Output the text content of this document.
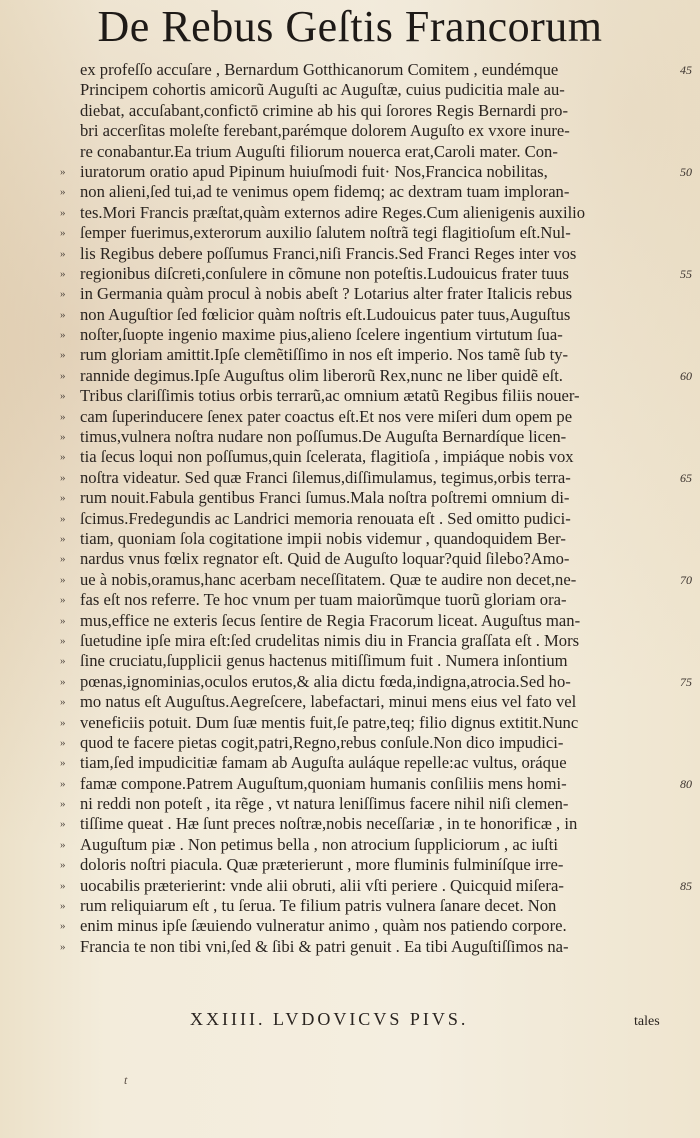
De Rebus Geſtis Francorum
ex profeſſo accuſare , Bernardum Gotthicanorum Comitem , eundémque	45
Principem cohortis amicorũ Auguſti ac Auguſtæ, cuius pudicitia male au-
diebat, accuſabant,confictō crimine ab his qui ſorores Regis Bernardi pro-
bri accerſitas moleſte ferebant,parémque dolorem Auguſto ex vxore inure-
re conabantur.Ea trium Auguſti filiorum nouerca erat,Caroli mater. Con-
» iuratorum oratio apud Pipinum huiuſmodi fuit· Nos,Francica nobilitas,	50
» non alieni,ſed tui,ad te venimus opem fidemq; ac dextram tuam imploran-
» tes.Mori Francis præſtat,quàm externos adire Reges.Cum alienigenis auxilio
» ſemper fuerimus,exterorum auxilio ſalutem noſtrã tegi flagitioſum eſt.Nul-
» lis Regibus debere poſſumus Franci,niſi Francis.Sed Franci Reges inter vos
» regionibus diſcreti,conſulere in cõmune non poteſtis.Ludouicus frater tuus	55
» in Germania quàm procul à nobis abeſt ? Lotarius alter frater Italicis rebus
» non Auguſtior ſed fœlicior quàm noſtris eſt.Ludouicus pater tuus,Auguſtus
» noſter,ſuopte ingenio maxime pius,alieno ſcelere ingentium virtutum ſua-
» rum gloriam amittit.Ipſe clemẽtiſſimo in nos eſt imperio. Nos tamẽ ſub ty-
» rannide degimus.Ipſe Auguſtus olim liberorũ Rex,nunc ne liber quidẽ eſt.	60
» Tribus clariſſimis totius orbis terrarũ,ac omnium ætatũ Regibus filiis nouer-
» cam ſuperinducere ſenex pater coactus eſt.Et nos vere miſeri dum opem pe
» timus,vulnera noſtra nudare non poſſumus.De Auguſta Bernardíque licen-
» tia ſecus loqui non poſſumus,quin ſcelerata, flagitioſa , impiáque nobis vox
» noſtra videatur. Sed quæ Franci ſilemus,diſſimulamus, tegimus,orbis terra-	65
» rum nouit.Fabula gentibus Franci ſumus.Mala noſtra poſtremi omnium di-
» ſcimus.Fredegundis ac Landrici memoria renouata eſt . Sed omitto pudici-
» tiam, quoniam ſola cogitatione impii nobis videmur , quandoquidem Ber-
» nardus vnus fœlix regnator eſt. Quid de Auguſto loquar?quid ſilebo?Amo-
» ue à nobis,oramus,hanc acerbam neceſſitatem. Quæ te audire non decet,ne-	70
» fas eſt nos referre. Te hoc vnum per tuam maiorũmque tuorũ gloriam ora-
» mus,effice ne exteris ſecus ſentire de Regia Fracorum liceat. Auguſtus man-
» ſuetudine ipſe mira eſt:ſed crudelitas nimis diu in Francia graſſata eſt . Mors
» ſine cruciatu,ſupplicii genus hactenus mitiſſimum fuit . Numera inſontium
» pœnas,ignominias,oculos erutos,& alia dictu fœda,indigna,atrocia.Sed ho-	75
» mo natus eſt Auguſtus.Aegreſcere, labefactari, minui mens eius vel fato vel
» veneficiis potuit. Dum ſuæ mentis fuit,ſe patre,teq; filio dignus extitit.Nunc
» quod te facere pietas cogit,patri,Regno,rebus conſule.Non dico impudici-
» tiam,ſed impudicitiæ famam ab Auguſta auláque repelle:ac vultus, oráque
» famæ compone.Patrem Auguſtum,quoniam humanis conſiliis mens homi-	80
» ni reddi non poteſt , ita rẽge , vt natura leniſſimus facere nihil niſi clemen-
» tiſſime queat . Hæ ſunt preces noſtræ,nobis neceſſariæ , in te honorificæ , in
» Auguſtum piæ . Non petimus bella , non atrocium ſuppliciorum , ac iuſti
» doloris noſtri piacula. Quæ præterierunt , more fluminis fulminíſque irre-
» uocabilis præterierint: vnde alii obruti, alii vſti periere . Quicquid miſera-	85
» rum reliquiarum eſt , tu ſerua. Te filium patris vulnera ſanare decet. Non
» enim minus ipſe ſæuiendo vulneratur animo , quàm nos patiendo corpore.
» Francia te non tibi vni,ſed & ſibi & patri genuit . Ea tibi Auguſtiſſimos na-
XXIIII. LVDOVICVS PIVS.	tales
t
